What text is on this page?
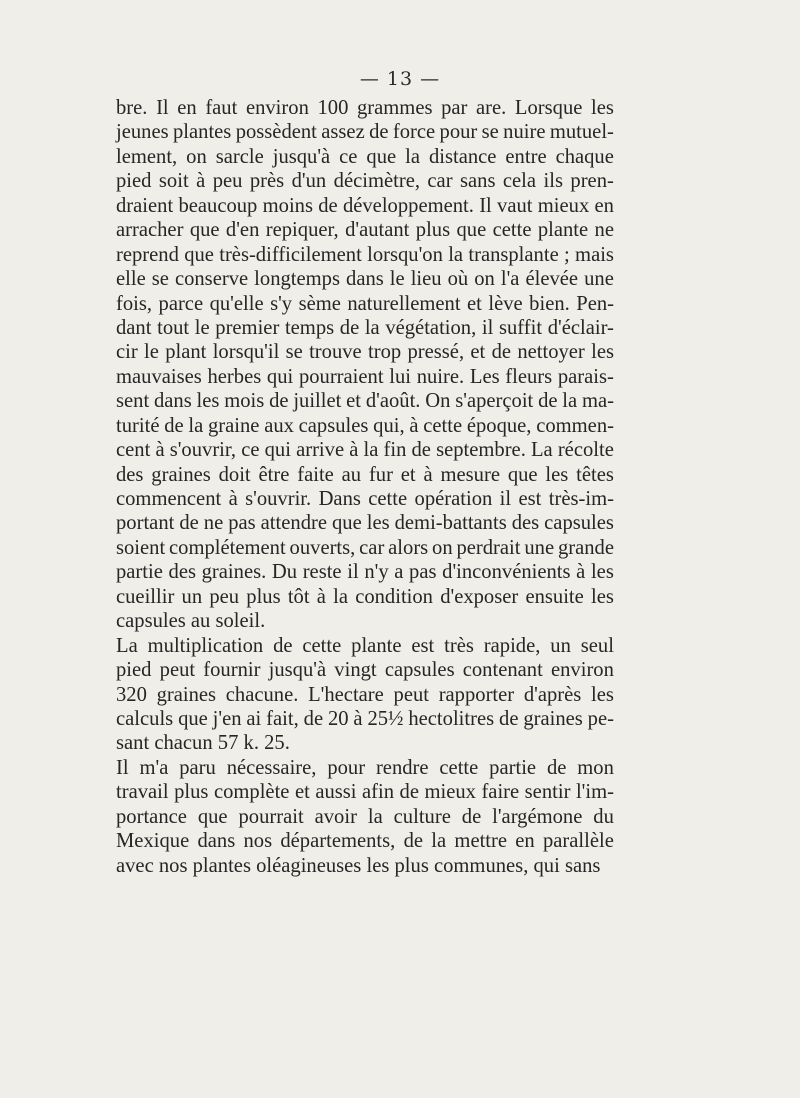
— 13 —
bre. Il en faut environ 100 grammes par are. Lorsque les
jeunes plantes possèdent assez de force pour se nuire mutuel-
lement, on sarcle jusqu'à ce que la distance entre chaque
pied soit à peu près d'un décimètre, car sans cela ils pren-
draient beaucoup moins de développement. Il vaut mieux en
arracher que d'en repiquer, d'autant plus que cette plante ne
reprend que très-difficilement lorsqu'on la transplante ; mais
elle se conserve longtemps dans le lieu où on l'a élevée une
fois, parce qu'elle s'y sème naturellement et lève bien. Pen-
dant tout le premier temps de la végétation, il suffit d'éclair-
cir le plant lorsqu'il se trouve trop pressé, et de nettoyer les
mauvaises herbes qui pourraient lui nuire. Les fleurs parais-
sent dans les mois de juillet et d'août. On s'aperçoit de la ma-
turité de la graine aux capsules qui, à cette époque, commen-
cent à s'ouvrir, ce qui arrive à la fin de septembre. La récolte
des graines doit être faite au fur et à mesure que les têtes
commencent à s'ouvrir. Dans cette opération il est très-im-
portant de ne pas attendre que les demi-battants des capsules
soient complétement ouverts, car alors on perdrait une grande
partie des graines. Du reste il n'y a pas d'inconvénients à les
cueillir un peu plus tôt à la condition d'exposer ensuite les
capsules au soleil.
La multiplication de cette plante est très rapide, un seul
pied peut fournir jusqu'à vingt capsules contenant environ
320 graines chacune. L'hectare peut rapporter d'après les
calculs que j'en ai fait, de 20 à 25½ hectolitres de graines pe-
sant chacun 57 k. 25.
Il m'a paru nécessaire, pour rendre cette partie de mon
travail plus complète et aussi afin de mieux faire sentir l'im-
portance que pourrait avoir la culture de l'argémone du
Mexique dans nos départements, de la mettre en parallèle
avec nos plantes oléagineuses les plus communes, qui sans
